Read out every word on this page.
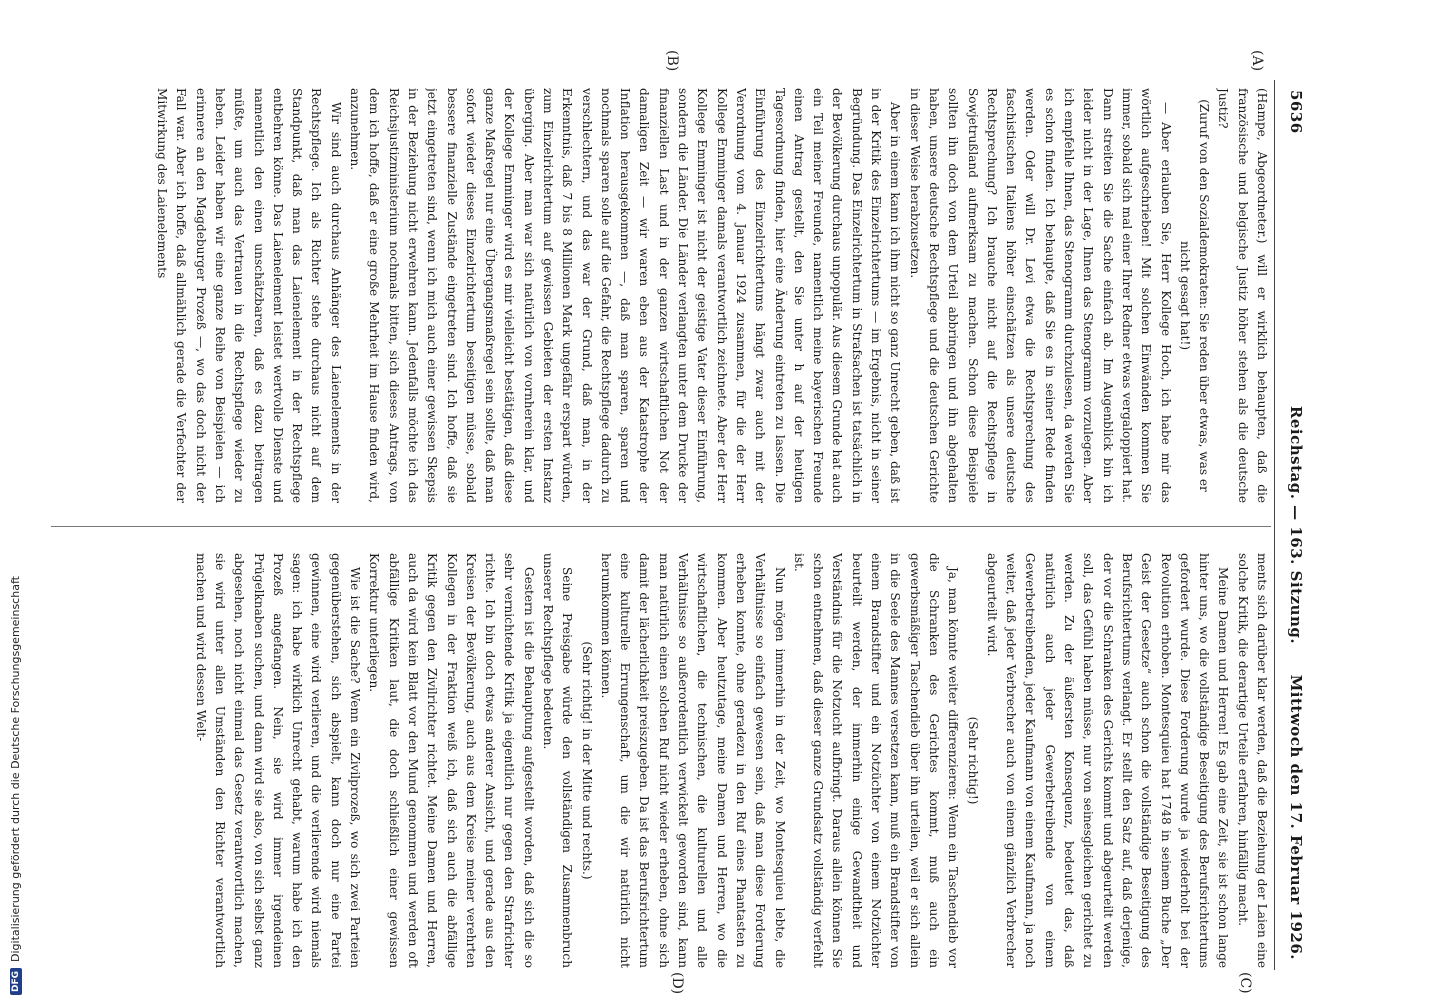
5636
Reichstag. — 163. Sitzung.
Mittwoch den 17. Februar 1926.
(A)
(B)
(C)
(D)

(Hampe, Abgeordneter.) will er wirklich behaupten, daß die französische und belgische Justiz höher stehen als die deutsche Justiz?

(Zuruf von den Sozialdemokraten: Sie reden über etwas, was er nicht gesagt hat!)

— Aber erlauben Sie, Herr Kollege Hoch, ich habe mir das wörtlich aufgeschrieben! Mit solchen Einwänden kommen Sie immer, sobald sich mal einer Ihrer Redner etwas vergaloppiert hat. Dann streiten Sie die Sache einfach ab. Im Augenblick bin ich leider nicht in der Lage, Ihnen das Stenogramm vorzulegen. Aber ich empfehle Ihnen, das Stenogramm durchzulesen, da werden Sie es schon finden. Ich behaupte, daß Sie es in seiner Rede finden werden. Oder will Dr. Levi etwa die Rechtsprechung des faschistischen Italiens höher einschätzen als unsere deutsche Rechtsprechung? Ich brauche nicht auf die Rechtspflege in Sowjetrußland aufmerksam zu machen. Schon diese Beispiele sollten ihn doch von dem Urteil abbringen und ihn abgehalten haben, unsere deutsche Rechtspflege und die deutschen Gerichte in dieser Weise herabzusetzen.

Aber in einem kann ich ihm nicht so ganz Unrecht geben, daß ist in der Kritik des Einzelrichtertums — im Ergebnis, nicht in seiner Begründung. Das Einzelrichtertum in Strafsachen ist tatsächlich in der Bevölkerung durchaus unpopulär. Aus diesem Grunde hat auch ein Teil meiner Freunde, namentlich meine bayerischen Freunde einen Antrag gestellt, den Sie unter h auf der heutigen Tagesordnung finden, hier eine Änderung eintreten zu lassen. Die Einführung des Einzelrichtertums hängt zwar auch mit der Verordnung vom 4. Januar 1924 zusammen, für die der Herr Kollege Emminger damals verantwortlich zeichnete. Aber der Herr Kollege Emminger ist nicht der geistige Vater dieser Einführung, sondern die Länder. Die Länder verlangten unter dem Drucke der finanziellen Last und in der ganzen wirtschaftlichen Not der damaligen Zeit — wir waren eben aus der Katastrophe der Inflation herausgekommen —, daß man sparen, sparen und nochmals sparen solle auf die Gefahr, die Rechtspflege dadurch zu verschlechtern, und das war der Grund, daß man, in der Erkenntnis, daß 7 bis 8 Millionen Mark ungefähr erspart würden, zum Einzelrichtertum auf gewissen Gebieten der ersten Instanz überging. Aber man war sich natürlich von vornherein klar, und der Kollege Emminger wird es mir vielleicht bestätigen, daß diese ganze Maßregel nur eine Übergangsmaßregel sein sollte, daß man sofort wieder dieses Einzelrichtertum beseitigen müsse, sobald bessere finanzielle Zustände eingetreten sind. Ich hoffe, daß sie jetzt eingetreten sind, wenn ich mich auch einer gewissen Skepsis in der Beziehung nicht erwehren kann. Jedenfalls möchte ich das Reichsjustizministerium nochmals bitten, sich dieses Antrags, von dem ich hoffe, daß er eine große Mehrheit im Hause finden wird, anzunehmen.

Wir sind auch durchaus Anhänger des Laienelements in der Rechtspflege. Ich als Richter stehe durchaus nicht auf dem Standpunkt, daß man das Laienelement in der Rechtspflege entbehren könne. Das Laienelement leistet wertvolle Dienste und namentlich den einen unschätzbaren, daß es dazu beitragen müßte, um auch das Vertrauen in die Rechtspflege wieder zu heben. Leider haben wir eine ganze Reihe von Beispielen — ich erinnere an den Magdeburger Prozeß —, wo das doch nicht der Fall war. Aber ich hoffe, daß allmählich gerade die Verfechter der Mitwirkung des Laienelements

ments sich darüber klar werden, daß die Beziehung der Laien eine solche Kritik, die derartige Urteile erfahren, hinfällig macht.

Meine Damen und Herren! Es gab eine Zeit, sie ist schon lange hinter uns, wo die vollständige Beseitigung des Berufsrichtertums gefordert wurde. Diese Forderung wurde ja wiederholt bei der Revolution erhoben. Montesquieu hat 1748 in seinem Buche „Der Geist der Gesetze“ auch schon die vollständige Beseitigung des Berufsrichtertums verlangt. Er stellt den Satz auf, daß derjenige, der vor die Schranken des Gerichts kommt und abgeurteilt werden soll, das Gefühl haben müsse, nur von seinesgleichen gerichtet zu werden. Zu der äußersten Konsequenz, bedeutet das, daß natürlich auch jeder Gewerbetreibende von einem Gewerbetreibenden, jeder Kaufmann von einem Kaufmann, ja noch weiter, daß jeder Verbrecher auch von einem gänzlich Verbrecher abgeurteilt wird.

(Sehr richtig!)

Ja, man könnte weiter differenzieren: Wenn ein Taschendieb vor die Schranken des Gerichtes kommt, muß auch ein gewerbsmäßiger Taschendieb über ihn urteilen, weil er sich allein in die Seele des Mannes versetzen kann, muß ein Brandstifter von einem Brandstifter und ein Notzüchter von einem Notzüchter beurteilt werden, der immerhin einige Gewandtheit und Verständnis für die Notzucht aufbringt. Daraus allein können Sie schon entnehmen, daß dieser ganze Grundsatz vollständig verfehlt ist.

Nun mögen immerhin in der Zeit, wo Montesquieu lebte, die Verhältnisse so einfach gewesen sein, daß man diese Forderung erheben konnte, ohne geradezu in den Ruf eines Phantasten zu kommen. Aber heutzutage, meine Damen und Herren, wo die wirtschaftlichen, die technischen, die kulturellen und alle Verhältnisse so außerordentlich verwickelt geworden sind, kann man natürlich einen solchen Ruf nicht wieder erheben, ohne sich damit der lächerlichkeit preiszugeben. Da ist das Berufsrichtertum eine kulturelle Errungenschaft, um die wir natürlich nicht herumkommen können.

(Sehr richtig! in der Mitte und rechts.)

Seine Preisgabe würde den vollständigen Zusammenbruch unserer Rechtspflege bedeuten.

Gestern ist die Behauptung aufgestellt worden, daß sich die so sehr vernichtende Kritik ja eigentlich nur gegen den Strafrichter richte. Ich bin doch etwas anderer Ansicht, und gerade aus den Kreisen der Bevölkerung, auch aus dem Kreise meiner verehrten Kollegen in der Fraktion weiß ich, daß sich auch die abfällige Kritik gegen den Zivilrichter richtet. Meine Damen und Herren, auch da wird kein Blatt vor den Mund genommen und werden oft abfällige Kritiken laut, die doch schließlich einer gewissen Korrektur unterliegen.

Wie ist die Sache? Wenn ein Zivilprozeß, wo sich zwei Parteien gegenüberstehen, sich abspielt, kann doch nur eine Partei gewinnen, eine wird verlieren, und die verlierende wird niemals sagen: ich habe wirklich Unrecht gehabt, warum habe ich den Prozeß angefangen. Nein, sie wird immer irgendeinen Prügelknaben suchen, und dann wird sie also, von sich selbst ganz abgesehen, noch nicht einmal das Gesetz verantwortlich machen, sie wird unter allen Umständen den Richter verantwortlich machen und wird dessen Welt-

DFGDigitalisierung gefördert durch die Deutsche Forschungsgemeinschaft
